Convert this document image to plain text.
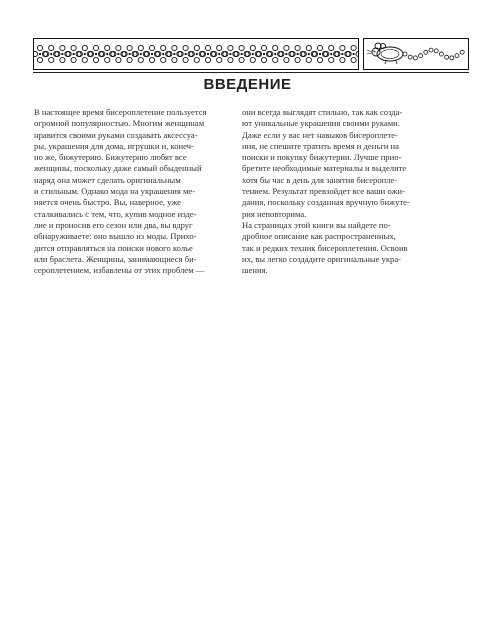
ВВЕДЕНИЕ

В настоящее время бисероплетение пользуется

огромной популярностью. Многим женщинам

нравится своими руками создавать аксессуа-

ры, украшения для дома, игрушки и, конеч-

но же, бижутерию. Бижутерию любят все

женщины, поскольку даже самый обыденный

наряд она может сделать оригинальным

и стильным. Однако мода на украшения ме-

няется очень быстро. Вы, наверное, уже

сталкивались с тем, что, купив модное изде-

лие и проносив его сезон или два, вы вдруг

обнаруживаете: оно вышло из моды. Прихо-

дится отправляться на поиски нового колье

или браслета. Женщины, занимающиеся би-

сероплетением, избавлены от этих проблем —

они всегда выглядят стильно, так как созда-

ют уникальные украшения своими руками.

Даже если у вас нет навыков бисероплете-

ния, не спешите тратить время и деньги на

поиски и покупку бижутерии. Лучше прио-

бретите необходимые материалы и выделите

хотя бы час в день для занятия бисеропле-

тением. Результат превзойдет все ваши ожи-

дания, поскольку созданная вручную бижуте-

рия неповторима.

На страницах этой книги вы найдете по-

дробное описание как распространенных,

так и редких техник бисероплетения. Освоив

их, вы легко создадите оригинальные укра-

шения.
